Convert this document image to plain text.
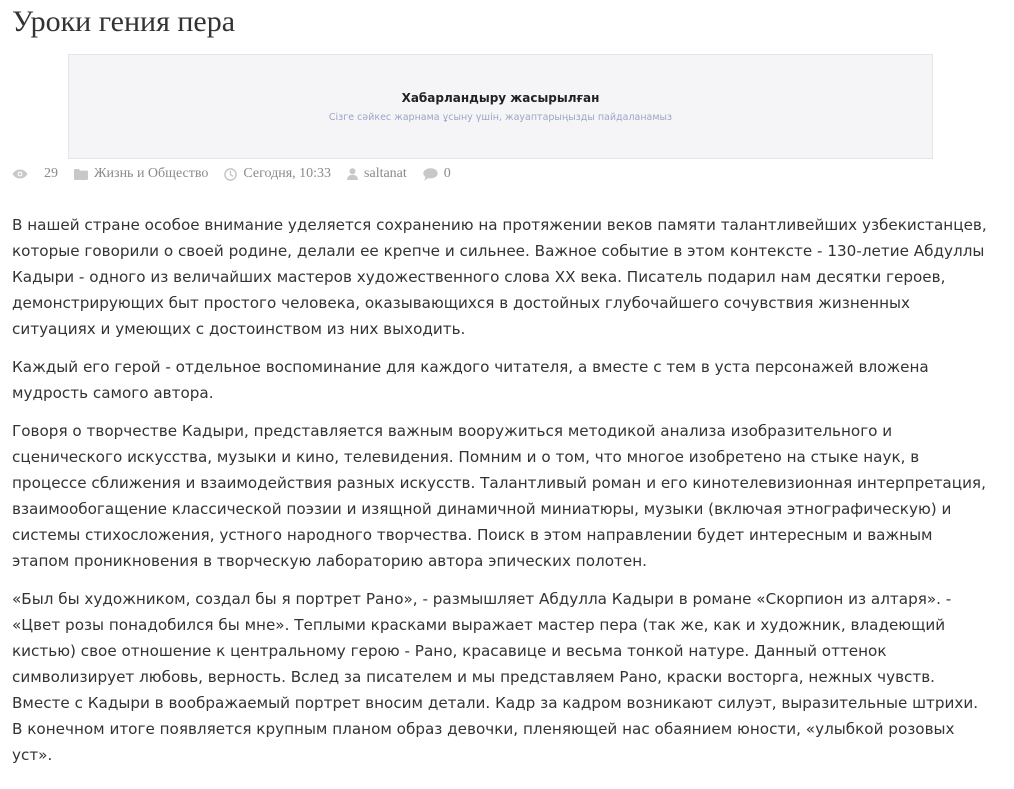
Уроки гения пера
Хабарландыру жасырылған
Сізге сәйкес жарнама ұсыну үшін, жауаптарыңызды пайдаланамыз
29	Жизнь и Общество	Сегодня, 10:33 saltanat	0

В нашей стране особое внимание уделяется сохранению на протяжении веков памяти талантливейших узбекистанцев, которые говорили о своей родине, делали ее крепче и сильнее. Важное событие в этом контексте - 130-летие Абдуллы Кадыри - одного из величайших мастеров художественного слова XX века. Писатель подарил нам десятки героев, демонстрирующих быт простого человека, оказывающихся в достойных глубочайшего сочувствия жизненных ситуациях и умеющих с достоинством из них выходить.

Каждый его герой - отдельное воспоминание для каждого читателя, а вместе с тем в уста персонажей вложена мудрость самого автора.

Говоря о творчестве Кадыри, представляется важным вооружиться методикой анализа изобразительного и сценического искусства, музыки и кино, телевидения. Помним и о том, что многое изобретено на стыке наук, в процессе сближения и взаимодействия разных искусств. Талантливый роман и его кинотелевизионная интерпретация, взаимообогащение классической поэзии и изящной динамичной миниатюры, музыки (включая этнографическую) и системы стихосложения, устного народного творчества. Поиск в этом направлении будет интересным и важным этапом проникновения в творческую лабораторию автора эпических полотен.

«Был бы художником, создал бы я портрет Рано», - размышляет Абдулла Кадыри в романе «Скорпион из алтаря». - «Цвет розы понадобился бы мне». Теплыми красками выражает мастер пера (так же, как и художник, владеющий кистью) свое отношение к центральному герою - Рано, красавице и весьма тонкой натуре. Данный оттенок символизирует любовь, верность. Вслед за писателем и мы представляем Рано, краски восторга, нежных чувств. Вместе с Кадыри в воображаемый портрет вносим детали. Кадр за кадром возникают силуэт, выразительные штрихи. В конечном итоге появляется крупным планом образ девочки, пленяющей нас обаянием юности, «улыбкой розовых уст».
